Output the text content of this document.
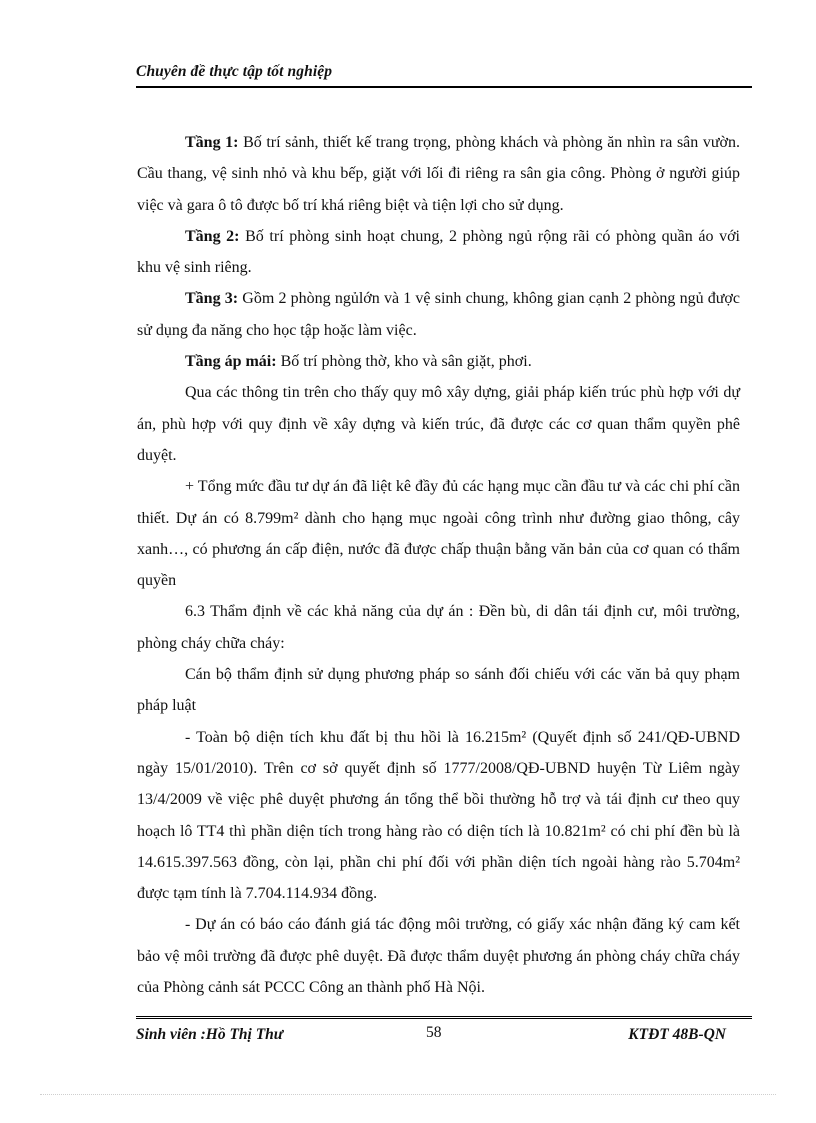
Chuyên đề thực tập tốt nghiệp

Tầng 1: Bố trí sảnh, thiết kế trang trọng, phòng khách và phòng ăn nhìn ra sân vườn. Cầu thang, vệ sinh nhỏ và khu bếp, giặt với lối đi riêng ra sân gia công. Phòng ở người giúp việc và gara ô tô được bố trí khá riêng biệt và tiện lợi cho sử dụng.

Tầng 2: Bố trí phòng sinh hoạt chung, 2 phòng ngủ rộng rãi có phòng quần áo với khu vệ sinh riêng.

Tầng 3: Gồm 2 phòng ngủlớn và 1 vệ sinh chung, không gian cạnh 2 phòng ngủ được sử dụng đa năng cho học tập hoặc làm việc.

Tầng áp mái: Bố trí phòng thờ, kho và sân giặt, phơi.

Qua các thông tin trên cho thấy quy mô xây dựng, giải pháp kiến trúc phù hợp với dự án, phù hợp với quy định về xây dựng và kiến trúc, đã được các cơ quan thẩm quyền phê duyệt.

+ Tổng mức đầu tư dự án đã liệt kê đầy đủ các hạng mục cần đầu tư và các chi phí cần thiết. Dự án có 8.799m² dành cho hạng mục ngoài công trình như đường giao thông, cây xanh…, có phương án cấp điện, nước đã được chấp thuận bằng văn bản của cơ quan có thẩm quyền

6.3 Thẩm định về các khả năng của dự án : Đền bù, di dân tái định cư, môi trường, phòng cháy chữa cháy:

Cán bộ thẩm định sử dụng phương pháp so sánh đối chiếu với các văn bả quy phạm pháp luật

- Toàn bộ diện tích khu đất bị thu hồi là 16.215m² (Quyết định số 241/QĐ-UBND ngày 15/01/2010). Trên cơ sở quyết định số 1777/2008/QĐ-UBND huyện Từ Liêm ngày 13/4/2009 về việc phê duyệt phương án tổng thể bồi thường hỗ trợ và tái định cư theo quy hoạch lô TT4 thì phần diện tích trong hàng rào có diện tích là 10.821m² có chi phí đền bù là 14.615.397.563 đồng, còn lại, phần chi phí đối với phần diện tích ngoài hàng rào 5.704m² được tạm tính là 7.704.114.934 đồng.

- Dự án có báo cáo đánh giá tác động môi trường, có giấy xác nhận đăng ký cam kết bảo vệ môi trường đã được phê duyệt. Đã được thẩm duyệt phương án phòng cháy chữa cháy của Phòng cảnh sát PCCC Công an thành phố Hà Nội.

Sinh viên :Hồ Thị Thư	58	KTĐT 48B-QN
